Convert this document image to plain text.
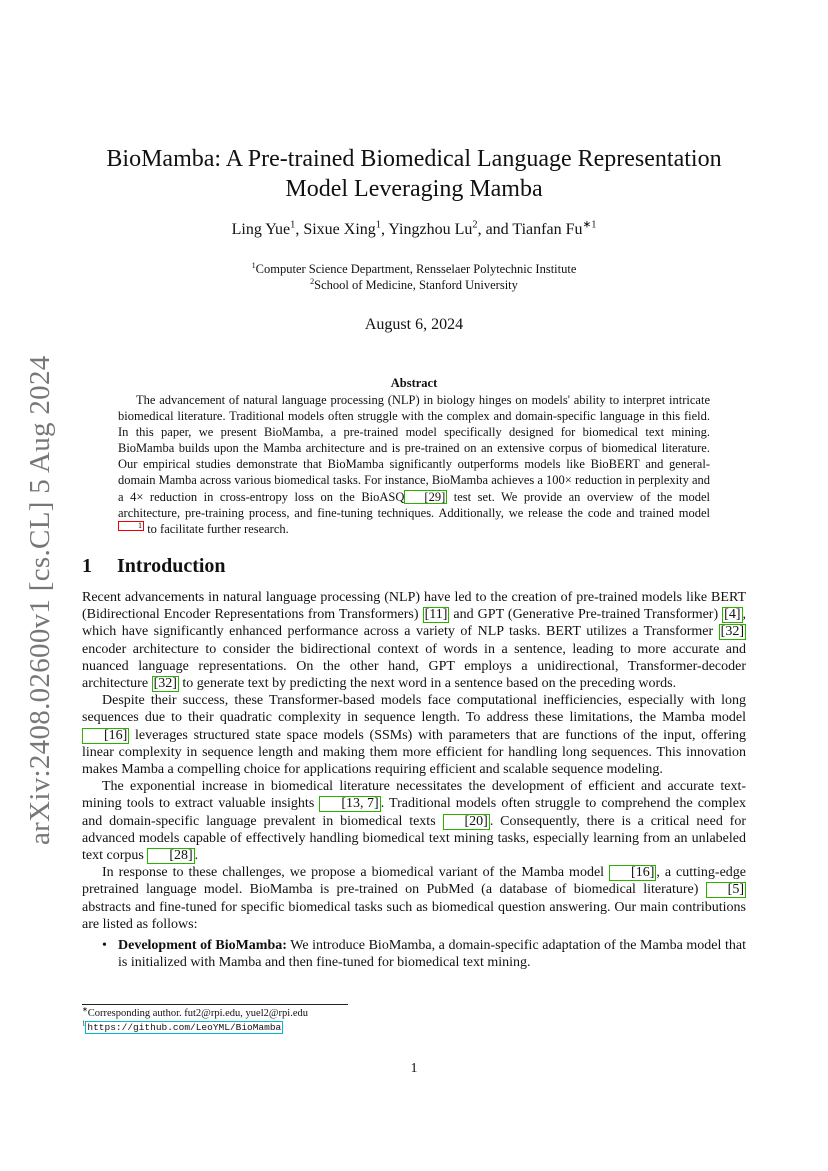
arXiv:2408.02600v1 [cs.CL] 5 Aug 2024
BioMamba: A Pre-trained Biomedical Language Representation
Model Leveraging Mamba
Ling Yue$^1$, Sixue Xing$^1$, Yingzhou Lu$^2$, and Tianfan $Fu^{∗1}$
$^1$Computer Science Department, Rensselaer Polytechnic Institute
$^2$School of Medicine, Stanford University
August 6, 2024
Abstract

The advancement of natural language processing (NLP) in biology hinges on models' ability to interpret intricate biomedical literature. Traditional models often struggle with the complex and domain-specific language in this field. In this paper, we present BioMamba, a pre-trained model specifically designed for biomedical text mining. BioMamba builds upon the Mamba architecture and is pre-trained on an extensive corpus of biomedical literature. Our empirical studies demonstrate that BioMamba significantly outperforms models like BioBERT and general-domain Mamba across various biomedical tasks. For instance, BioMamba achieves a 100× reduction in perplexity and a 4× reduction in cross-entropy loss on the BioASQ [29] test set. We provide an overview of the model architecture, pre-training process, and fine-tuning techniques. Additionally, we release the code and trained model$^1$ to facilitate further research.

1 Introduction

Recent advancements in natural language processing (NLP) have led to the creation of pre-trained models like BERT (Bidirectional Encoder Representations from Transformers) [11] and GPT (Generative Pre-trained Transformer) [4] , which have significantly enhanced performance across a variety of NLP tasks. BERT utilizes a Transformer [32] encoder architecture to consider the bidirectional context of words in a sentence, leading to more accurate and nuanced language representations. On the other hand, GPT employs a unidirectional, Transformer-decoder architecture [32] to generate text by predicting the next word in a sentence based on the preceding words.

Despite their success, these Transformer-based models face computational inefficiencies, especially with long sequences due to their quadratic complexity in sequence length. To address these limitations, the Mamba model [16] leverages structured state space models (SSMs) with parameters that are functions of the input, offering linear complexity in sequence length and making them more efficient for handling long sequences. This innovation makes Mamba a compelling choice for applications requiring efficient and scalable sequence modeling.

The exponential increase in biomedical literature necessitates the development of efficient and accurate text-mining tools to extract valuable insights [13, 7] . Traditional models often struggle to comprehend the complex and domain-specific language prevalent in biomedical texts [20] . Consequently, there is a critical need for advanced models capable of effectively handling biomedical text mining tasks, especially learning from an unlabeled text corpus [28] .

In response to these challenges, we propose a biomedical variant of the Mamba model [16] , a cutting-edge pretrained language model. BioMamba is pre-trained on PubMed (a database of biomedical literature) [5] abstracts and fine-tuned for specific biomedical tasks such as biomedical question answering. Our main contributions are listed as follows:

• Development of BioMamba: We introduce BioMamba, a domain-specific adaptation of the Mamba model that is initialized with Mamba and then fine-tuned for biomedical text mining.
∗Corresponding author. fut2@rpi.edu, yuel2@rpi.edu
$^1$ https://github.com/LeoYML/BioMamba
1
